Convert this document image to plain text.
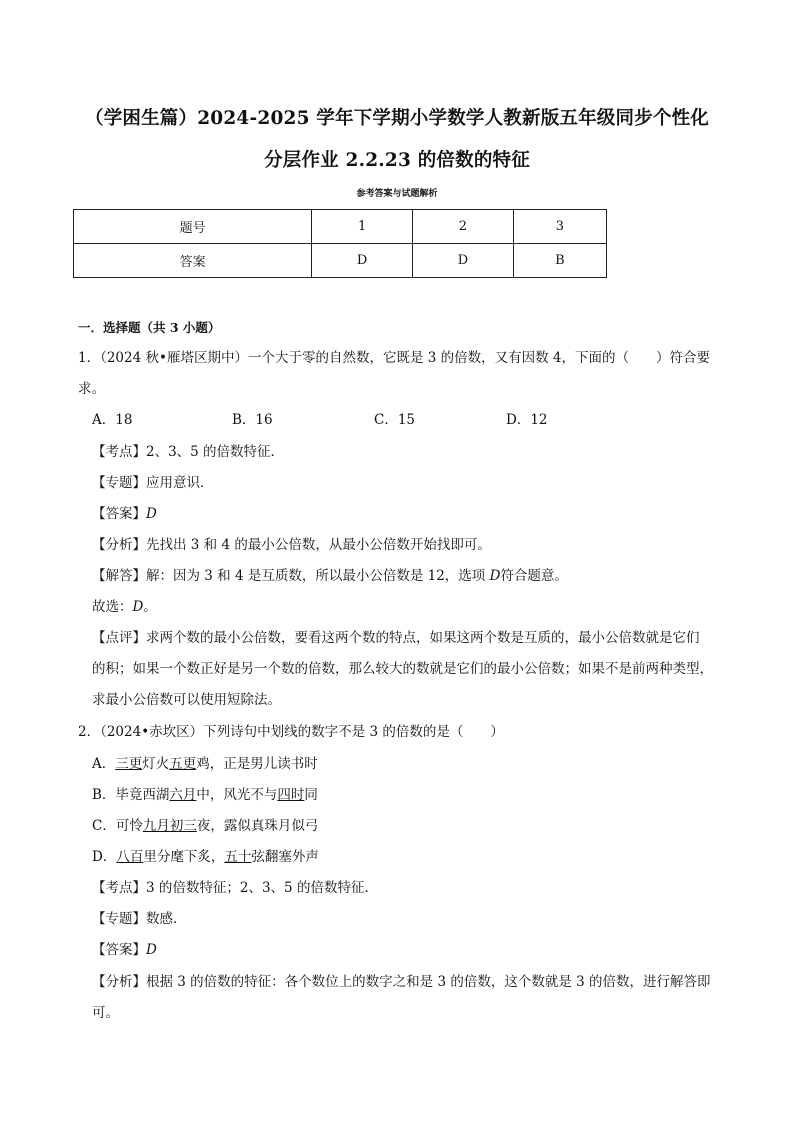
（学困生篇）2024-2025 学年下学期小学数学人教新版五年级同步个性化
分层作业 2.2.23 的倍数的特征
参考答案与试题解析
题号	1	2	3
答案	D	D	B
一．选择题（共 3 小题）
1．（2024 秋•雁塔区期中）一个大于零的自然数，它既是 3 的倍数，又有因数 4，下面的（　　）符合要
求。
A．18	B．16	C．15	D．12
【考点】2、3、5 的倍数特征．
【专题】应用意识．
【答案】D
【分析】先找出 3 和 4 的最小公倍数，从最小公倍数开始找即可。
【解答】解：因为 3 和 4 是互质数，所以最小公倍数是 12，选项 D符合题意。
故选：D。
【点评】求两个数的最小公倍数，要看这两个数的特点，如果这两个数是互质的，最小公倍数就是它们
的积；如果一个数正好是另一个数的倍数，那么较大的数就是它们的最小公倍数；如果不是前两种类型，
求最小公倍数可以使用短除法。
2．（2024•赤坎区）下列诗句中划线的数字不是 3 的倍数的是（　　）
A．三更灯火五更鸡，正是男儿读书时
B．毕竟西湖六月中，风光不与四时同
C．可怜九月初三夜，露似真珠月似弓
D．八百里分麾下炙，五十弦翻塞外声
【考点】3 的倍数特征；2、3、5 的倍数特征．
【专题】数感．
【答案】D
【分析】根据 3 的倍数的特征：各个数位上的数字之和是 3 的倍数，这个数就是 3 的倍数，进行解答即
可。
